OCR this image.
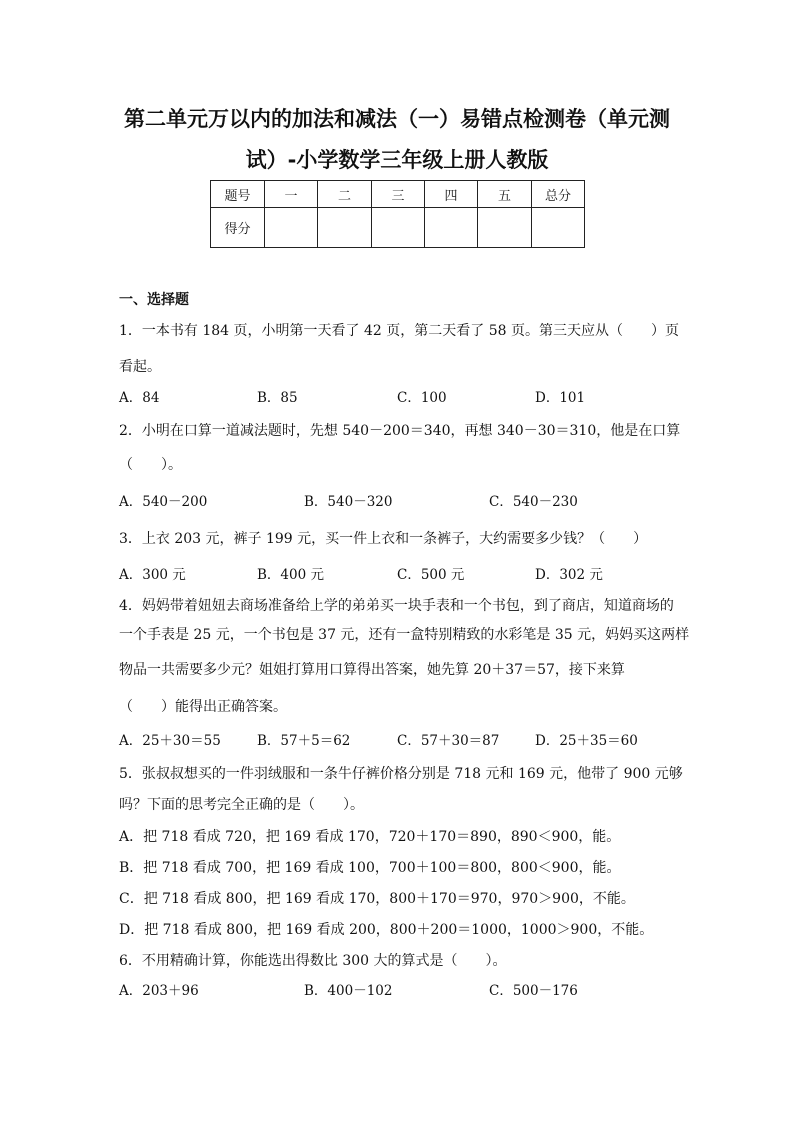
第二单元万以内的加法和减法（一）易错点检测卷（单元测
试）-小学数学三年级上册人教版
题号	一	二	三	四	五	总分
得分						
一、选择题
1．一本书有 184 页，小明第一天看了 42 页，第二天看了 58 页。第三天应从（　　）页
看起。
A．84	B．85	C．100	D．101
2．小明在口算一道减法题时，先想 540－200＝340，再想 340－30＝310，他是在口算
（　　）。
A．540－200	B．540－320	C．540－230
3．上衣 203 元，裤子 199 元，买一件上衣和一条裤子，大约需要多少钱？（　　）
A．300 元	B．400 元	C．500 元	D．302 元
4．妈妈带着妞妞去商场准备给上学的弟弟买一块手表和一个书包，到了商店，知道商场的
一个手表是 25 元，一个书包是 37 元，还有一盒特别精致的水彩笔是 35 元，妈妈买这两样
物品一共需要多少元？姐姐打算用口算得出答案，她先算 20＋37＝57，接下来算
A．25＋30＝55	B．57＋5＝62	C．57＋30＝87	D．25＋35＝60
5．张叔叔想买的一件羽绒服和一条牛仔裤价格分别是 718 元和 169 元，他带了 900 元够
吗？下面的思考完全正确的是（　　）。
A．把 718 看成 720，把 169 看成 170，720＋170＝890，890＜900，能。
B．把 718 看成 700，把 169 看成 100，700＋100＝800，800＜900，能。
C．把 718 看成 800，把 169 看成 170，800＋170＝970，970＞900，不能。
D．把 718 看成 800，把 169 看成 200，800＋200＝1000，1000＞900，不能。
6．不用精确计算，你能选出得数比 300 大的算式是（　　）。
A．203＋96	B．400－102	C．500－176
（　　）能得出正确答案。
